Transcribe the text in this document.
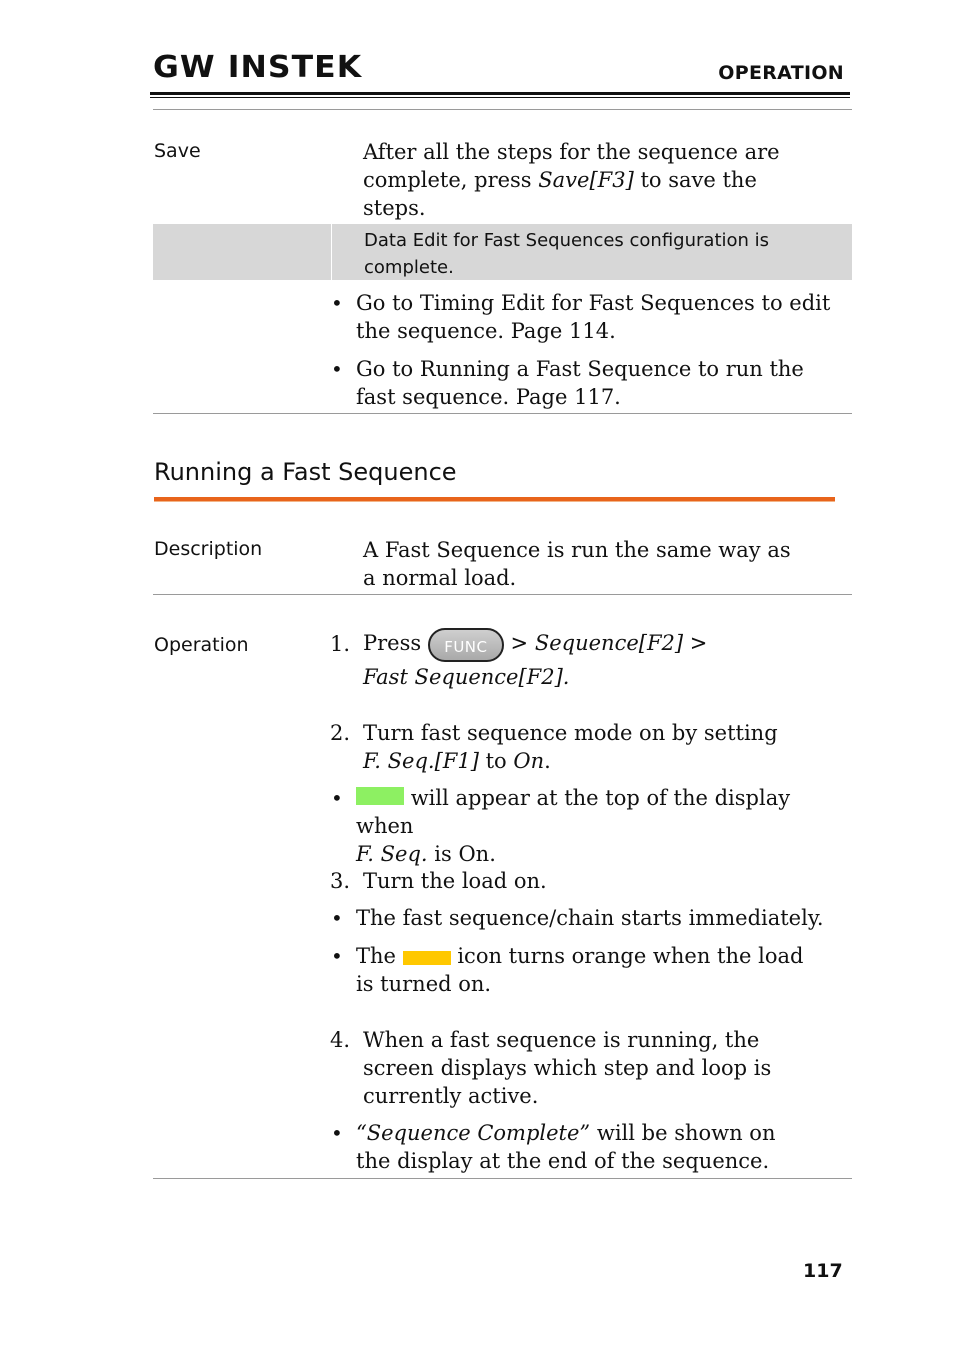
GW INSTEK	OPERATION
Save	After all the steps for the sequence are complete, press Save[F3] to save the steps.
Data Edit for Fast Sequences configuration is complete.
• Go to Timing Edit for Fast Sequences to edit the sequence. Page 114.
• Go to Running a Fast Sequence to run the fast sequence. Page 117.
Running a Fast Sequence
Description	A Fast Sequence is run the same way as a normal load.
Operation	1. Press FUNC > Sequence[F2] >
Fast Sequence[F2].
2. Turn fast sequence mode on by setting
F. Seq.[F1] to On.
•	will appear at the top of the display when
F. Seq. is On.
3. Turn the load on.
• The fast sequence/chain starts immediately.
• The	icon turns orange when the load is turned on.
4. When a fast sequence is running, the screen displays which step and loop is currently active.
• “Sequence Complete” will be shown on the display at the end of the sequence.
117
